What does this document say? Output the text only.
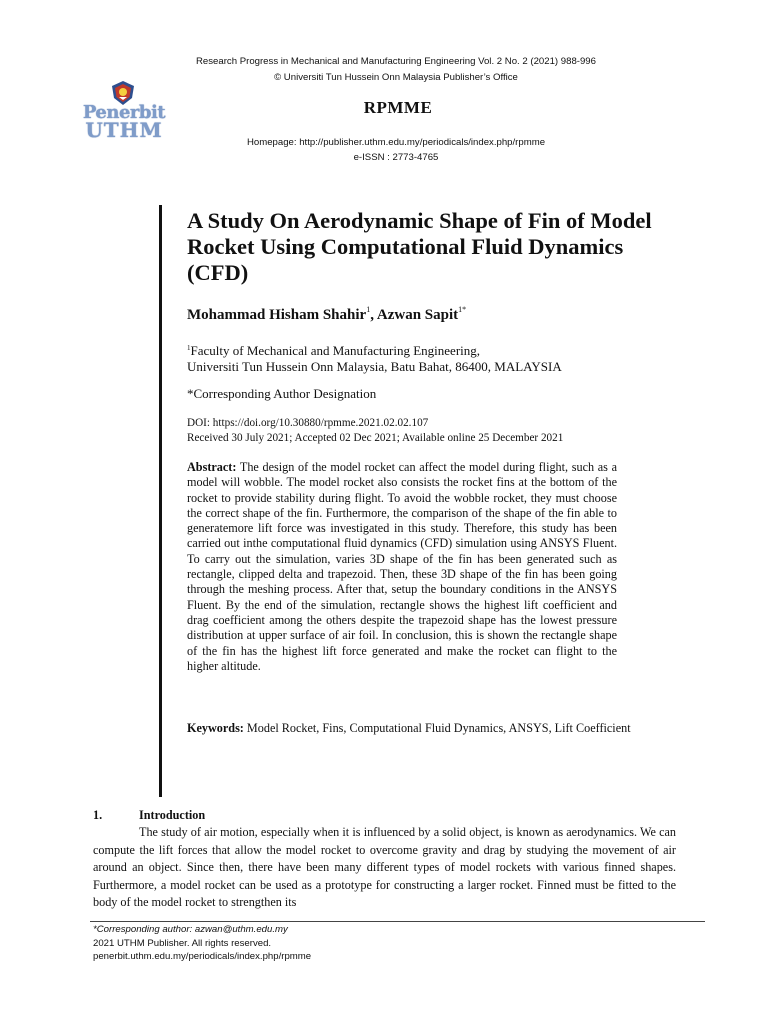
Research Progress in Mechanical and Manufacturing Engineering Vol. 2 No. 2 (2021) 988-996
© Universiti Tun Hussein Onn Malaysia Publisher’s Office
RPMME
Homepage: http://publisher.uthm.edu.my/periodicals/index.php/rpmme
e-ISSN : 2773-4765
Penerbit
UTHM
A Study On Aerodynamic Shape of Fin of Model Rocket Using Computational Fluid Dynamics (CFD)
Mohammad Hisham Shahir$^1$, Azwan Sapit$^{1*}$
$^1$Faculty of Mechanical and Manufacturing Engineering,
Universiti Tun Hussein Onn Malaysia, Batu Bahat, 86400, MALAYSIA
*Corresponding Author Designation
DOI: https://doi.org/10.30880/rpmme.2021.02.02.107
Received 30 July 2021; Accepted 02 Dec 2021; Available online 25 December 2021
Abstract: The design of the model rocket can affect the model during flight, such as a model will wobble. The model rocket also consists the rocket fins at the bottom of the rocket to provide stability during flight. To avoid the wobble rocket, they must choose the correct shape of the fin. Furthermore, the comparison of the shape of the fin able to generatemore lift force was investigated in this study. Therefore, this study has been carried out inthe computational fluid dynamics (CFD) simulation using ANSYS Fluent. To carry out the simulation, varies 3D shape of the fin has been generated such as rectangle, clipped delta and trapezoid. Then, these 3D shape of the fin has been going through the meshing process. After that, setup the boundary conditions in the ANSYS Fluent. By the end of the simulation, rectangle shows the highest lift coefficient and drag coefficient among the others despite the trapezoid shape has the lowest pressure distribution at upper surface of air foil. In conclusion, this is shown the rectangle shape of the fin has the highest lift force generated and make the rocket can flight to the higher altitude.
Keywords: Model Rocket, Fins, Computational Fluid Dynamics, ANSYS, Lift Coefficient
1.	Introduction
The study of air motion, especially when it is influenced by a solid object, is known as aerodynamics. We can compute the lift forces that allow the model rocket to overcome gravity and drag by studying the movement of air around an object. Since then, there have been many different types of model rockets with various finned shapes. Furthermore, a model rocket can be used as a prototype for constructing a larger rocket. Finned must be fitted to the body of the model rocket to strengthen its
*Corresponding author: azwan@uthm.edu.my
2021 UTHM Publisher. All rights reserved.
penerbit.uthm.edu.my/periodicals/index.php/rpmme
